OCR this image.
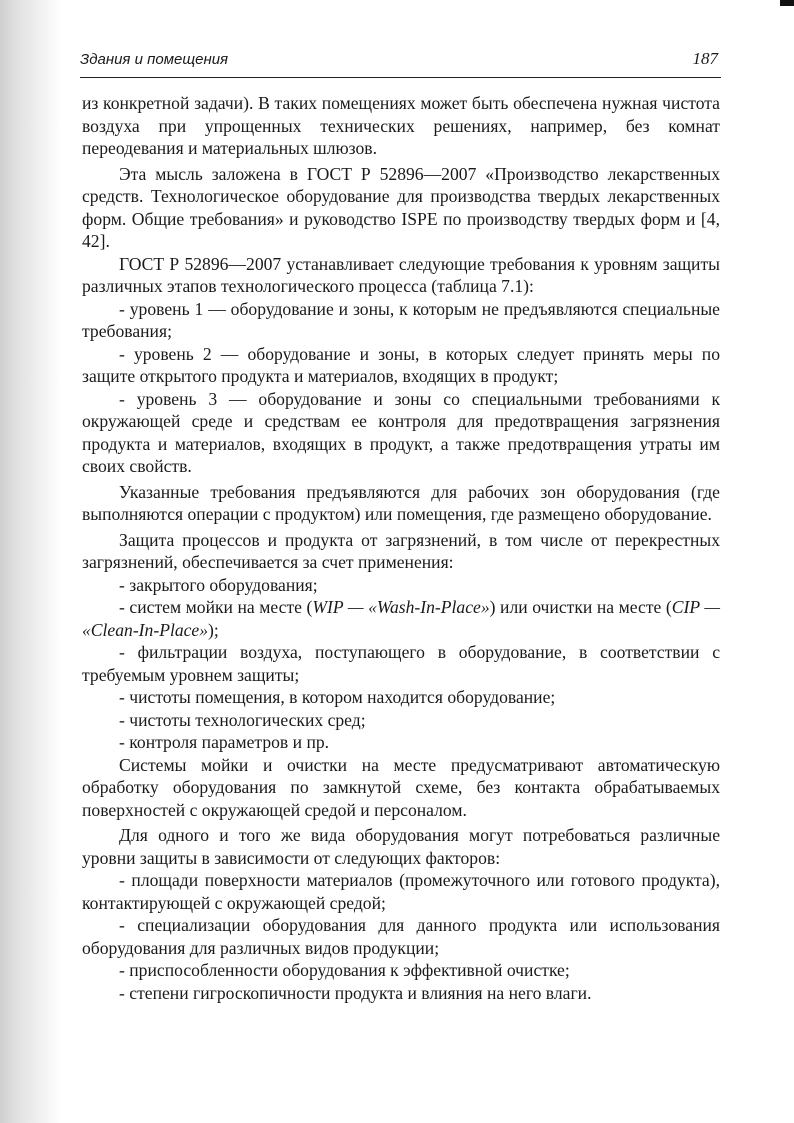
Здания и помещения	187

из конкретной задачи). В таких помещениях может быть обеспечена нужная чистота воздуха при упрощенных технических решениях, например, без комнат переодевания и материальных шлюзов.

Эта мысль заложена в ГОСТ Р 52896—2007 «Производство лекарственных средств. Технологическое оборудование для производства твердых лекарственных форм. Общие требования» и руководство ISPE по производству твердых форм и [4, 42].

ГОСТ Р 52896—2007 устанавливает следующие требования к уровням защиты различных этапов технологического процесса (таблица 7.1):

- уровень 1 — оборудование и зоны, к которым не предъявляются специальные требования;

- уровень 2 — оборудование и зоны, в которых следует принять меры по защите открытого продукта и материалов, входящих в продукт;

- уровень 3 — оборудование и зоны со специальными требованиями к окружающей среде и средствам ее контроля для предотвращения загрязнения продукта и материалов, входящих в продукт, а также предотвращения утраты им своих свойств.

Указанные требования предъявляются для рабочих зон оборудования (где выполняются операции с продуктом) или помещения, где размещено оборудование.

Защита процессов и продукта от загрязнений, в том числе от перекрестных загрязнений, обеспечивается за счет применения:

- закрытого оборудования;

- систем мойки на месте (WIP — «Wash-In-Place») или очистки на месте (CIP — «Clean-In-Place»);

- фильтрации воздуха, поступающего в оборудование, в соответствии с требуемым уровнем защиты;

- чистоты помещения, в котором находится оборудование;

- чистоты технологических сред;

- контроля параметров и пр.

Системы мойки и очистки на месте предусматривают автоматическую обработку оборудования по замкнутой схеме, без контакта обрабатываемых поверхностей с окружающей средой и персоналом.

Для одного и того же вида оборудования могут потребоваться различные уровни защиты в зависимости от следующих факторов:

- площади поверхности материалов (промежуточного или готового продукта), контактирующей с окружающей средой;

- специализации оборудования для данного продукта или использования оборудования для различных видов продукции;

- приспособленности оборудования к эффективной очистке;

- степени гигроскопичности продукта и влияния на него влаги.
